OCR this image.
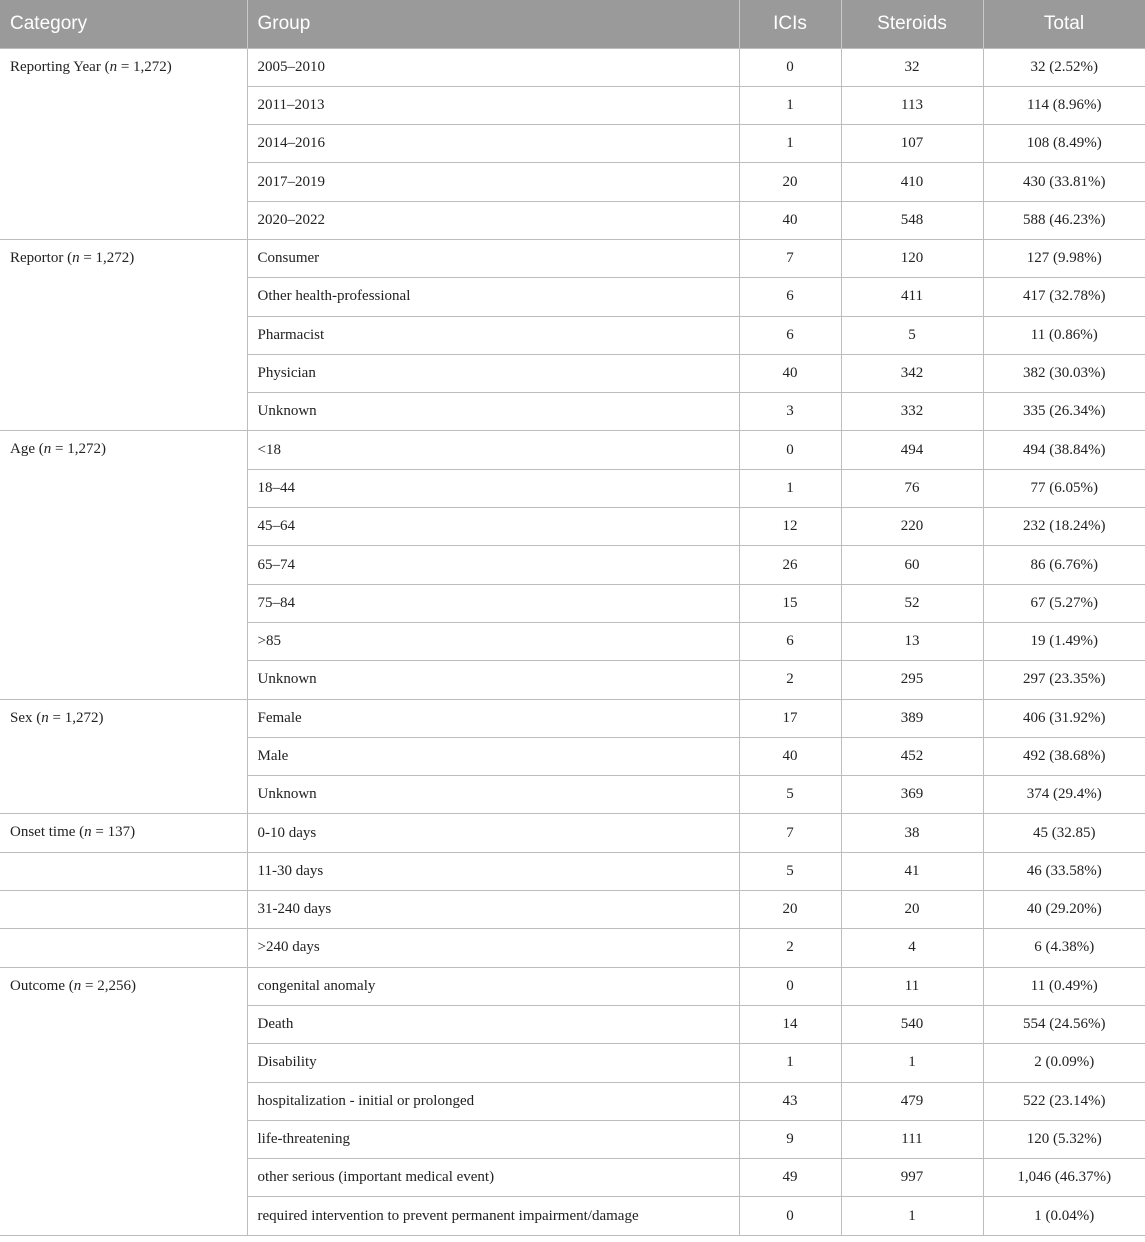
Category	Group	ICIs	Steroids	Total
Reporting Year (n = 1,272)	2005–2010	0	32	32 (2.52%)
	2011–2013	1	113	114 (8.96%)
	2014–2016	1	107	108 (8.49%)
	2017–2019	20	410	430 (33.81%)
	2020–2022	40	548	588 (46.23%)
Reportor (n = 1,272)	Consumer	7	120	127 (9.98%)
	Other health-professional	6	411	417 (32.78%)
	Pharmacist	6	5	11 (0.86%)
	Physician	40	342	382 (30.03%)
	Unknown	3	332	335 (26.34%)
Age (n = 1,272)	<18	0	494	494 (38.84%)
	18–44	1	76	77 (6.05%)
	45–64	12	220	232 (18.24%)
	65–74	26	60	86 (6.76%)
	75–84	15	52	67 (5.27%)
	>85	6	13	19 (1.49%)
	Unknown	2	295	297 (23.35%)
Sex (n = 1,272)	Female	17	389	406 (31.92%)
	Male	40	452	492 (38.68%)
	Unknown	5	369	374 (29.4%)
Onset time (n = 137)	0-10 days	7	38	45 (32.85)
	11-30 days	5	41	46 (33.58%)
	31-240 days	20	20	40 (29.20%)
	>240 days	2	4	6 (4.38%)
Outcome (n = 2,256)	congenital anomaly	0	11	11 (0.49%)
	Death	14	540	554 (24.56%)
	Disability	1	1	2 (0.09%)
	hospitalization - initial or prolonged	43	479	522 (23.14%)
	life-threatening	9	111	120 (5.32%)
	other serious (important medical event)	49	997	1,046 (46.37%)
	required intervention to prevent permanent impairment/damage	0	1	1 (0.04%)
